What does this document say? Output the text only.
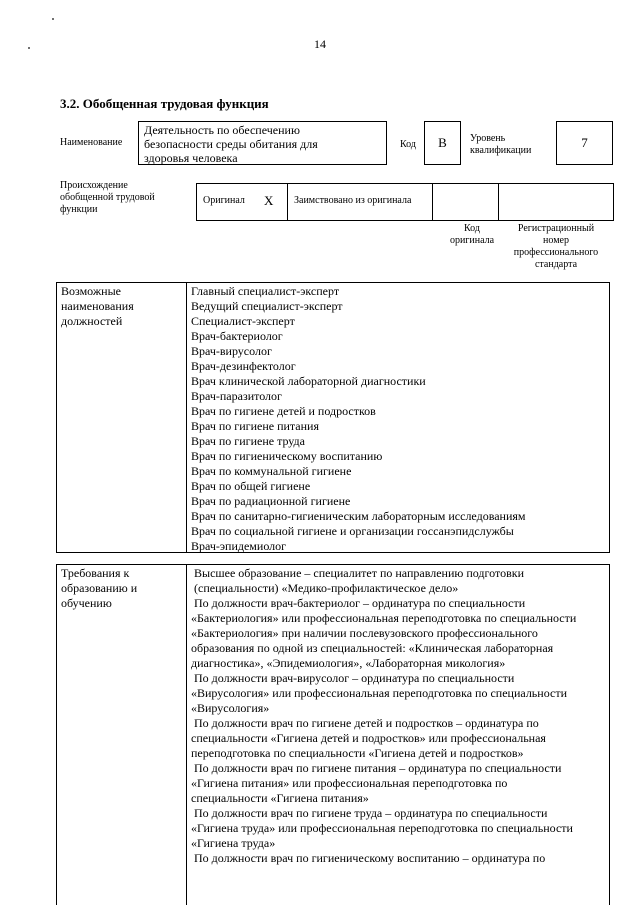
14
3.2. Обобщенная трудовая функция
Наименование
Деятельность по обеспечению
безопасности среды обитания для
здоровья человека
Код В Уровень
квалификации
7
Происхождение
обобщенной трудовой
функции
Оригинал X Заимствовано из оригинала
Код
оригинала
Регистрационный
номер
профессионального
стандарта
Возможные
наименования
должностей
Главный специалист-эксперт
Ведущий специалист-эксперт
Специалист-эксперт
Врач-бактериолог
Врач-вирусолог
Врач-дезинфектолог
Врач клинической лабораторной диагностики
Врач-паразитолог
Врач по гигиене детей и подростков
Врач по гигиене питания
Врач по гигиене труда
Врач по гигиеническому воспитанию
Врач по коммунальной гигиене
Врач по общей гигиене
Врач по радиационной гигиене
Врач по санитарно-гигиеническим лабораторным исследованиям
Врач по социальной гигиене и организации госсанэпидслужбы
Врач-эпидемиолог
Требования к
образованию и
обучению
Высшее образование – специалитет по направлению подготовки
(специальности) «Медико-профилактическое дело»
По должности врач-бактериолог – ординатура по специальности
«Бактериология» или профессиональная переподготовка по специальности
«Бактериология» при наличии послевузовского профессионального
образования по одной из специальностей: «Клиническая лабораторная
диагностика», «Эпидемиология», «Лабораторная микология»
По должности врач-вирусолог – ординатура по специальности
«Вирусология» или профессиональная переподготовка по специальности
«Вирусология»
По должности врач по гигиене детей и подростков – ординатура по
специальности «Гигиена детей и подростков» или профессиональная
переподготовка по специальности «Гигиена детей и подростков»
По должности врач по гигиене питания – ординатура по специальности
«Гигиена питания» или профессиональная переподготовка по
специальности «Гигиена питания»
По должности врач по гигиене труда – ординатура по специальности
«Гигиена труда» или профессиональная переподготовка по специальности
«Гигиена труда»
По должности врач по гигиеническому воспитанию – ординатура по
